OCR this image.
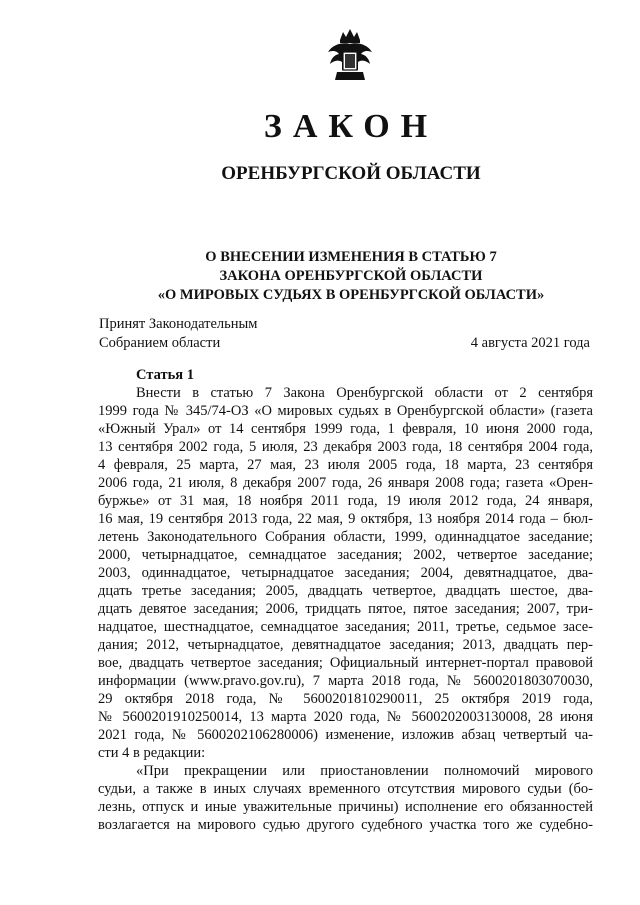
ЗАКОН
ОРЕНБУРГСКОЙ ОБЛАСТИ
О ВНЕСЕНИИ ИЗМЕНЕНИЯ В СТАТЬЮ 7
ЗАКОНА ОРЕНБУРГСКОЙ ОБЛАСТИ
«О МИРОВЫХ СУДЬЯХ В ОРЕНБУРГСКОЙ ОБЛАСТИ»
Принят Законодательным
Собранием области	4 августа 2021 года
Статья 1

Внести в статью 7 Закона Оренбургской области от 2 сентября

1999 года № 345/74-ОЗ «О мировых судьях в Оренбургской области» (газета

«Южный Урал» от 14 сентября 1999 года, 1 февраля, 10 июня 2000 года,

13 сентября 2002 года, 5 июля, 23 декабря 2003 года, 18 сентября 2004 года,

4 февраля, 25 марта, 27 мая, 23 июля 2005 года, 18 марта, 23 сентября

2006 года, 21 июля, 8 декабря 2007 года, 26 января 2008 года; газета «Орен-

буржье» от 31 мая, 18 ноября 2011 года, 19 июля 2012 года, 24 января,

16 мая, 19 сентября 2013 года, 22 мая, 9 октября, 13 ноября 2014 года – бюл-

летень Законодательного Собрания области, 1999, одиннадцатое заседание;

2000, четырнадцатое, семнадцатое заседания; 2002, четвертое заседание;

2003, одиннадцатое, четырнадцатое заседания; 2004, девятнадцатое, два-

дцать третье заседания; 2005, двадцать четвертое, двадцать шестое, два-

дцать девятое заседания; 2006, тридцать пятое, пятое заседания; 2007, три-

надцатое, шестнадцатое, семнадцатое заседания; 2011, третье, седьмое засе-

дания; 2012, четырнадцатое, девятнадцатое заседания; 2013, двадцать пер-

вое, двадцать четвертое заседания; Официальный интернет-портал правовой

информации (www.pravo.gov.ru), 7 марта 2018 года, № 5600201803070030,

29 октября 2018 года, № 5600201810290011, 25 октября 2019 года,

№ 5600201910250014, 13 марта 2020 года, № 5600202003130008, 28 июня

2021 года, № 5600202106280006) изменение, изложив абзац четвертый ча-

сти 4 в редакции:

«При прекращении или приостановлении полномочий мирового

судьи, а также в иных случаях временного отсутствия мирового судьи (бо-

лезнь, отпуск и иные уважительные причины) исполнение его обязанностей

возлагается на мирового судью другого судебного участка того же судебно-
